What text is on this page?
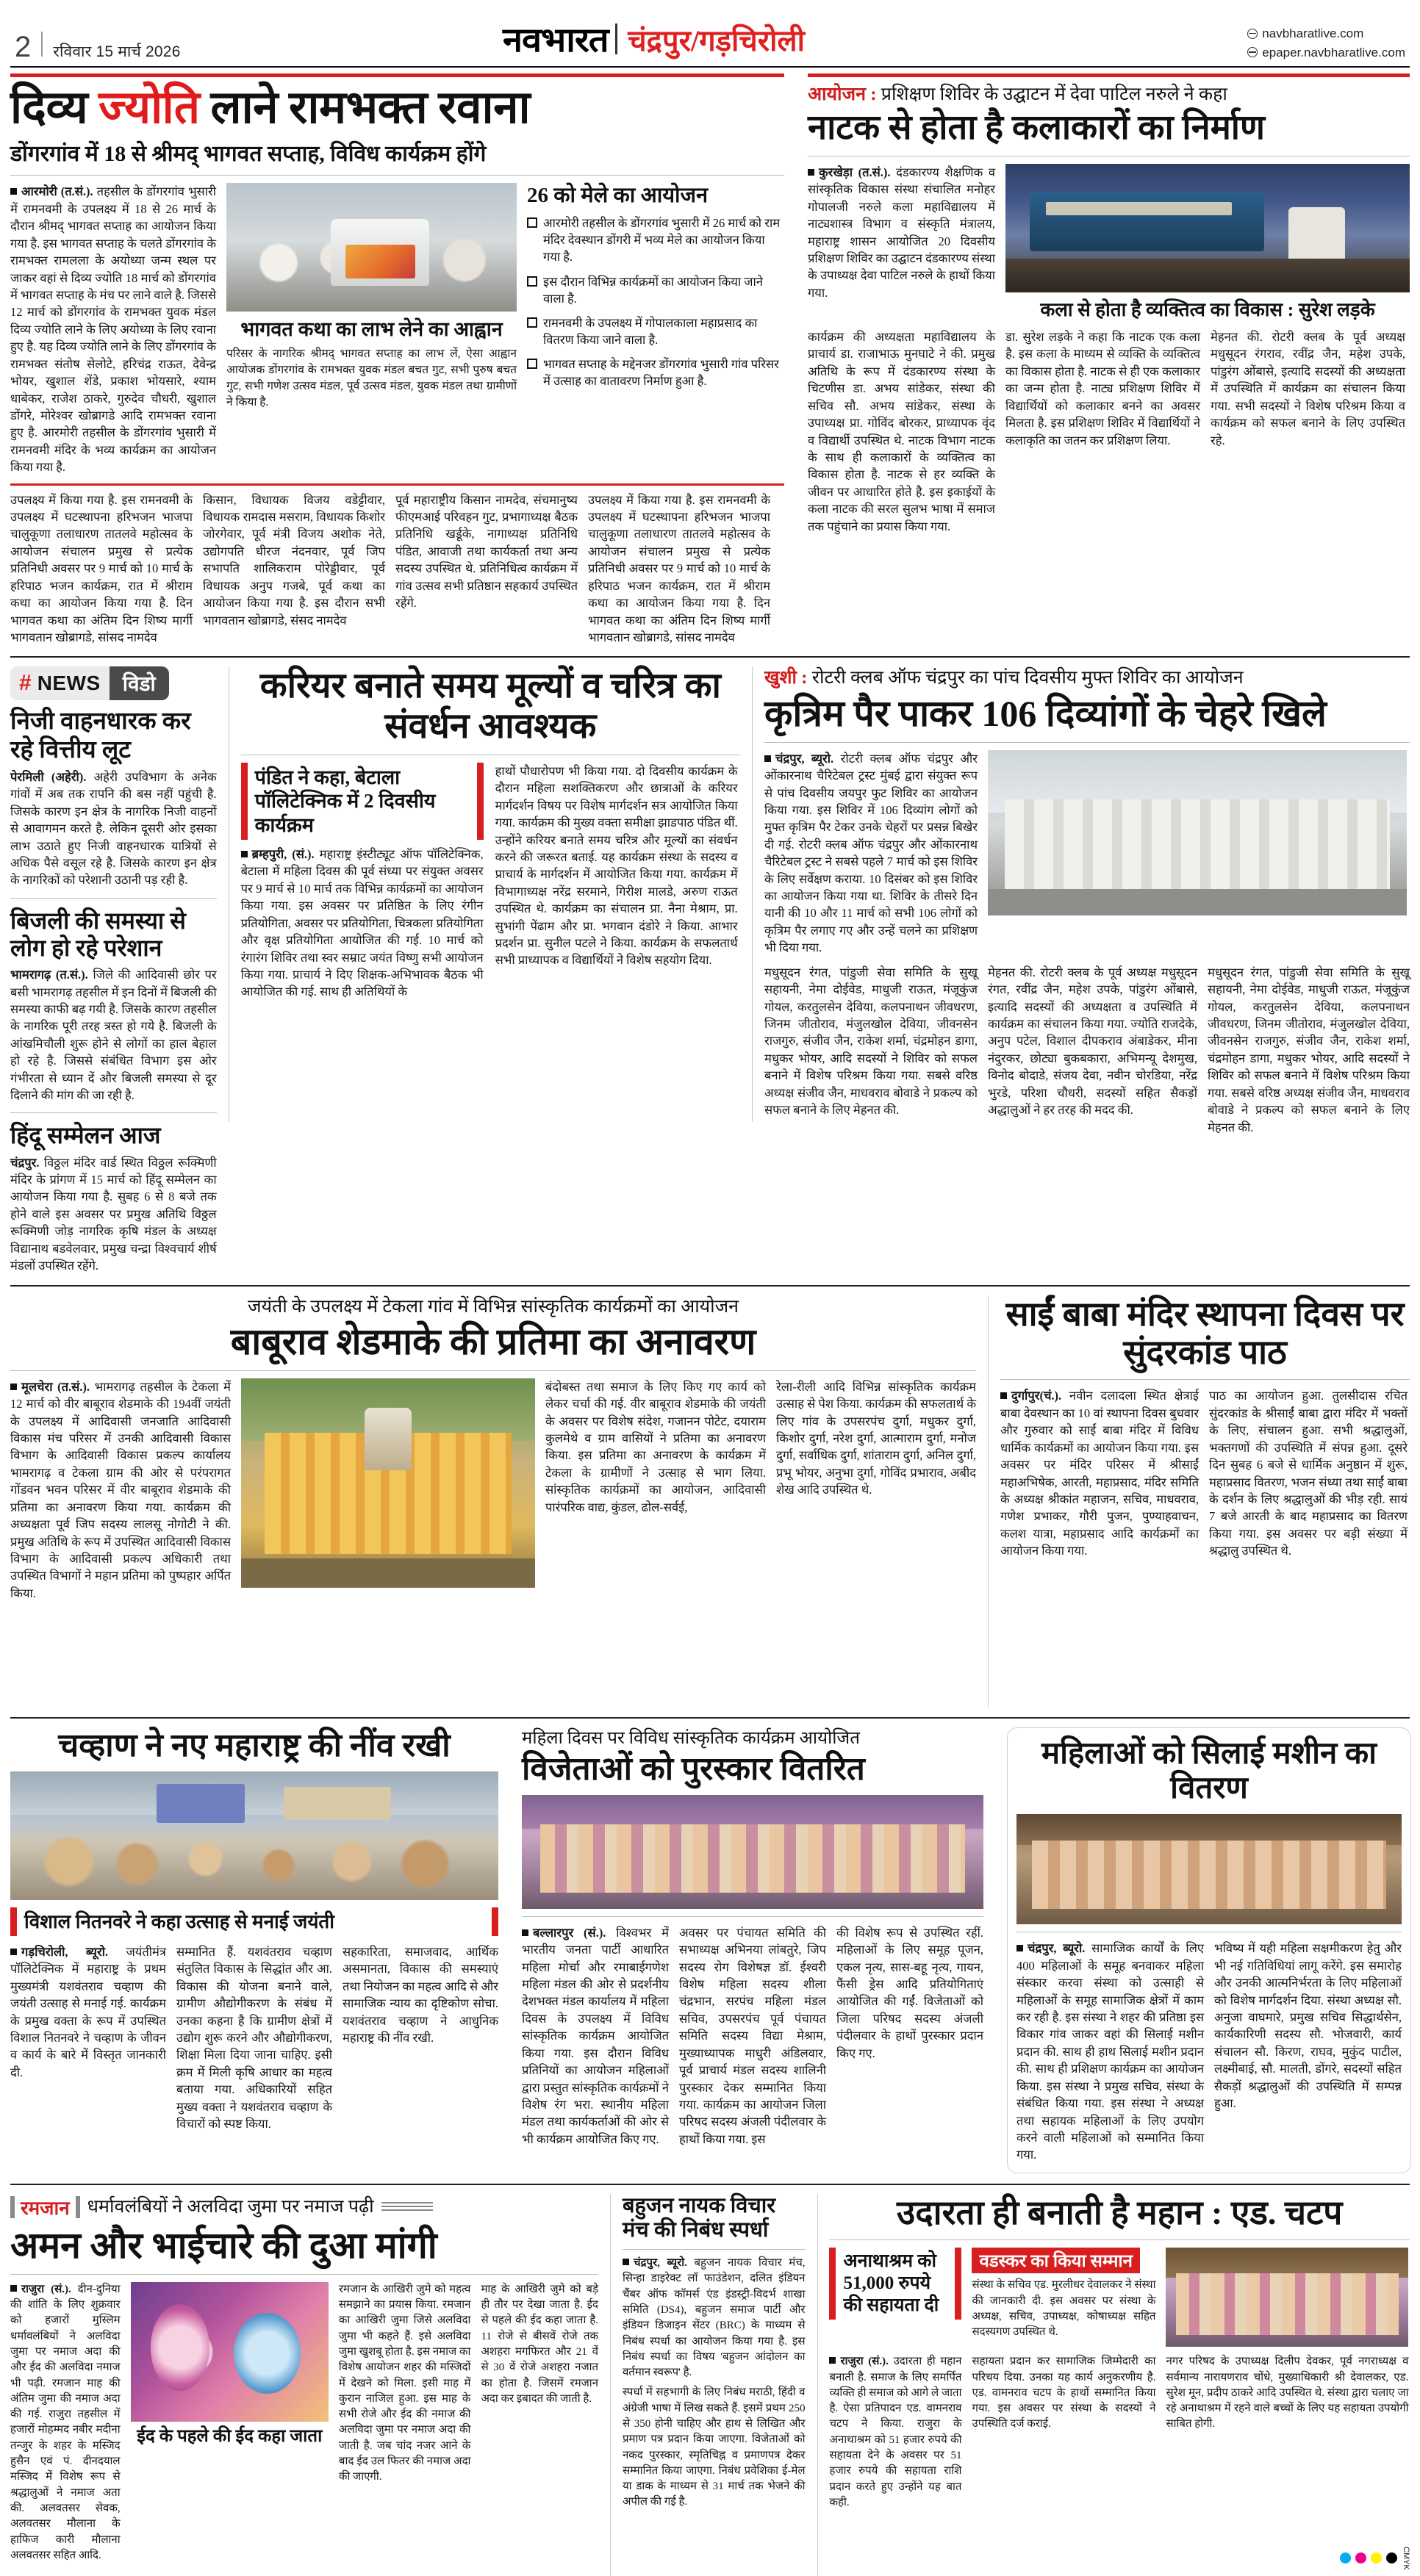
2 रविवार 15 मार्च 2026	नवभारत चंद्रपुर/गड़चिरोली	navbharatlive.com
epaper.navbharatlive.com
दिव्य ज्योति लाने रामभक्त रवाना
डोंगरगांव में 18 से श्रीमद् भागवत सप्ताह, विविध कार्यक्रम होंगे

आरमोरी (त.सं.). तहसील के डोंगरगांव भुसारी में रामनवमी के उपलक्ष्य में 18 से 26 मार्च के दौरान श्रीमद् भागवत सप्ताह का आयोजन किया गया है. इस भागवत सप्ताह के चलते डोंगरगांव के रामभक्त रामलला के अयोध्या जन्म स्थल पर जाकर वहां से दिव्य ज्योति 18 मार्च को डोंगरगांव में भागवत सप्ताह के मंच पर लाने वाले है. जिससे 12 मार्च को डोंगरगांव के रामभक्त युवक मंडल दिव्य ज्योति लाने के लिए अयोध्या के लिए रवाना हुए है. यह दिव्य ज्योति लाने के लिए डोंगरगांव के रामभक्त संतोष सेलोटे, हरिचंद्र राऊत, देवेन्द्र भोयर, खुशाल शेंडे, प्रकाश भोयसारे, श्याम धाबेकर, राजेश ठाकरे, गुरुदेव चौधरी, खुशाल डोंगरे, मोरेश्वर खोब्रागडे आदि रामभक्त रवाना हुए है. आरमोरी तहसील के डोंगरगांव भुसारी में रामनवमी मंदिर के भव्य कार्यक्रम का आयोजन किया गया है.

भागवत कथा का लाभ लेने का आह्वान

परिसर के नागरिक श्रीमद् भागवत सप्ताह का लाभ लें, ऐसा आह्वान आयोजक डोंगरगांव के रामभक्त युवक मंडल बचत गुट, सभी पुरुष बचत गुट, सभी गणेश उत्सव मंडल, पूर्व उत्सव मंडल, युवक मंडल तथा ग्रामीणों ने किया है.

26 को मेले का आयोजन
आरमोरी तहसील के डोंगरगांव भुसारी में 26 मार्च को राम मंदिर देवस्थान डोंगरी में भव्य मेले का आयोजन किया गया है.
इस दौरान विभिन्न कार्यक्रमों का आयोजन किया जाने वाला है.
रामनवमी के उपलक्ष्य में गोपालकाला महाप्रसाद का वितरण किया जाने वाला है.
भागवत सप्ताह के मद्देनजर डोंगरगांव भुसारी गांव परिसर में उत्साह का वातावरण निर्माण हुआ है.

उपलक्ष्य में किया गया है. इस रामनवमी के उपलक्ष्य में घटस्थापना हरिभजन भाजपा चालुकूणा तलाधारण तातलवे महोत्सव के आयोजन संचालन प्रमुख से प्रत्येक प्रतिनिधी अवसर पर 9 मार्च को 10 मार्च के हरिपाठ भजन कार्यक्रम, रात में श्रीराम कथा का आयोजन किया गया है. दिन भागवत कथा का अंतिम दिन शिष्य मार्गी भागवतान खोब्रागडे, सांसद नामदेव

किसान, विधायक विजय वडेट्टीवार, विधायक रामदास मसराम, विधायक किशोर जोरगेवार, पूर्व मंत्री विजय अशोक नेते, उद्योगपति धीरज नंदनवार, पूर्व जिप सभापति शालिकराम पोरेड्डीवार, पूर्व विधायक अनुप गजबे, पूर्व कथा का आयोजन किया गया है. इस दौरान सभी भागवतान खोब्रागडे, संसद नामदेव

पूर्व महाराष्ट्रीय किसान नामदेव, संचमानुष्य फीएमआई परिवहन गुट, प्रभागाध्यक्ष बैठक प्रतिनिधि खर्डूके, नागाध्यक्ष प्रतिनिधि पंडित, आवाजी तथा कार्यकर्ता तथा अन्य सदस्य उपस्थित थे. प्रतिनिधित्व कार्यक्रम में गांव उत्सव सभी प्रतिष्ठान सहकार्य उपस्थित रहेंगे.

उपलक्ष्य में किया गया है. इस रामनवमी के उपलक्ष्य में घटस्थापना हरिभजन भाजपा चालुकूणा तलाधारण तातलवे महोत्सव के आयोजन संचालन प्रमुख से प्रत्येक प्रतिनिधी अवसर पर 9 मार्च को 10 मार्च के हरिपाठ भजन कार्यक्रम, रात में श्रीराम कथा का आयोजन किया गया है. दिन भागवत कथा का अंतिम दिन शिष्य मार्गी भागवतान खोब्रागडे, सांसद नामदेव

आयोजन : प्रशिक्षण शिविर के उद्घाटन में देवा पाटिल नरुले ने कहा
नाटक से होता है कलाकारों का निर्माण

कुरखेड़ा (त.सं.). दंडकारण्य शैक्षणिक व सांस्कृतिक विकास संस्था संचालित मनोहर गोपालजी नरुले कला महाविद्यालय में नाट्यशास्त्र विभाग व संस्कृति मंत्रालय, महाराष्ट्र शासन आयोजित 20 दिवसीय प्रशिक्षण शिविर का उद्घाटन दंडकारण्य संस्था के उपाध्यक्ष देवा पाटिल नरुले के हाथों किया गया.

कला से होता है व्यक्तित्व का विकास : सुरेश लड़के

कार्यक्रम की अध्यक्षता महाविद्यालय के प्राचार्य डा. राजाभाऊ मुनघाटे ने की. प्रमुख अतिथि के रूप में दंडकारण्य संस्था के चिटणीस डा. अभय सांडेकर, संस्था की सचिव सौ. अभय सांडेकर, संस्था के उपाध्यक्ष प्रा. गोविंद बोरकर, प्राध्यापक वृंद व विद्यार्थी उपस्थित थे. नाटक विभाग नाटक के साथ ही कलाकारों के व्यक्तित्व का विकास होता है. नाटक से हर व्यक्ति के जीवन पर आधारित होते है. इस इकाईयों के कला नाटक की सरल सुलभ भाषा में समाज तक पहुंचाने का प्रयास किया गया.

डा. सुरेश लड़के ने कहा कि नाटक एक कला है. इस कला के माध्यम से व्यक्ति के व्यक्तित्व का विकास होता है. नाटक से ही एक कलाकार का जन्म होता है. नाट्य प्रशिक्षण शिविर में विद्यार्थियों को कलाकार बनने का अवसर मिलता है. इस प्रशिक्षण शिविर में विद्यार्थियों ने कलाकृति का जतन कर प्रशिक्षण लिया.

मेहनत की. रोटरी क्लब के पूर्व अध्यक्ष मधुसूदन रंगराव, रवींद्र जैन, महेश उपके, पांडुरंग ओंबासे, इत्यादि सदस्यों की अध्यक्षता में उपस्थिति में कार्यक्रम का संचालन किया गया. सभी सदस्यों ने विशेष परिश्रम किया व कार्यक्रम को सफल बनाने के लिए उपस्थित रहे.

# NEWS	विडो
निजी वाहनधारक कर रहे वित्तीय लूट

पेरमिली (अहेरी). अहेरी उपविभाग के अनेक गांवों में अब तक रापनि की बस नहीं पहुंची है. जिसके कारण इन क्षेत्र के नागरिक निजी वाहनों से आवागमन करते है. लेकिन दूसरी ओर इसका लाभ उठाते हुए निजी वाहनधारक यात्रियों से अधिक पैसे वसूल रहे है. जिसके कारण इन क्षेत्र के नागरिकों को परेशानी उठानी पड़ रही है.

बिजली की समस्या से लोग हो रहे परेशान

भामरागढ़ (त.सं.). जिले की आदिवासी छोर पर बसी भामरागढ़ तहसील में इन दिनों में बिजली की समस्या काफी बढ़ गयी है. जिसके कारण तहसील के नागरिक पूरी तरह त्रस्त हो गये है. बिजली के आंखमिचौली शुरू होने से लोगों का हाल बेहाल हो रहे है. जिससे संबंधित विभाग इस ओर गंभीरता से ध्यान दें और बिजली समस्या से दूर दिलाने की मांग की जा रही है.

हिंदू सम्मेलन आज

चंद्रपुर. विठ्ठल मंदिर वार्ड स्थित विठ्ठल रूक्मिणी मंदिर के प्रांगण में 15 मार्च को हिंदू सम्मेलन का आयोजन किया गया है. सुबह 6 से 8 बजे तक होने वाले इस अवसर पर प्रमुख अतिथि विठ्ठल रूक्मिणी जोड़ नागरिक कृषि मंडल के अध्यक्ष विद्यानाथ बडवेलवार, प्रमुख चन्द्रा विश्वचार्य शीर्ष मंडलों उपस्थित रहेंगे.

करियर बनाते समय मूल्यों व चरित्र का संवर्धन आवश्यक
पंडित ने कहा, बेटाला पॉलिटेक्निक में 2 दिवसीय कार्यक्रम

ब्रम्हपुरी, (सं.). महाराष्ट्र इंस्टीट्यूट ऑफ पॉलिटेक्निक, बेटाला में महिला दिवस की पूर्व संध्या पर संयुक्त अवसर पर 9 मार्च से 10 मार्च तक विभिन्न कार्यक्रमों का आयोजन किया गया. इस अवसर पर प्रतिष्ठित के लिए रंगीन प्रतियोगिता, अवसर पर प्रतियोगिता, चित्रकला प्रतियोगिता और वृक्ष प्रतियोगिता आयोजित की गई. 10 मार्च को रंगारंग शिविर तथा स्वर सम्राट जयंत विष्णु सभी आयोजन किया गया. प्राचार्य ने दिए शिक्षक-अभिभावक बैठक भी आयोजित की गई. साथ ही अतिथियों के

हाथों पौधारोपण भी किया गया. दो दिवसीय कार्यक्रम के दौरान महिला सशक्तिकरण और छात्राओं के करियर मार्गदर्शन विषय पर विशेष मार्गदर्शन सत्र आयोजित किया गया. कार्यक्रम की मुख्य वक्ता समीक्षा झाडपाठ पंडित थीं. उन्होंने करियर बनाते समय चरित्र और मूल्यों का संवर्धन करने की जरूरत बताई. यह कार्यक्रम संस्था के सदस्य व प्राचार्य के मार्गदर्शन में आयोजित किया गया. कार्यक्रम में विभागाध्यक्ष नरेंद्र सरमाने, गिरीश मालडे, अरुण राऊत उपस्थित थे. कार्यक्रम का संचालन प्रा. नैना मेश्राम, प्रा. सुभांगी पेंढाम और प्रा. भगवान दंडोरे ने किया. आभार प्रदर्शन प्रा. सुनील पटले ने किया. कार्यक्रम के सफलतार्थ सभी प्राध्यापक व विद्यार्थियों ने विशेष सहयोग दिया.

खुशी : रोटरी क्लब ऑफ चंद्रपुर का पांच दिवसीय मुफ्त शिविर का आयोजन
कृत्रिम पैर पाकर 106 दिव्यांगों के चेहरे खिले

चंद्रपुर, ब्यूरो. रोटरी क्लब ऑफ चंद्रपुर और ओंकारनाथ चैरिटेबल ट्रस्ट मुंबई द्वारा संयुक्त रूप से पांच दिवसीय जयपुर फुट शिविर का आयोजन किया गया. इस शिविर में 106 दिव्यांग लोगों को मुफ्त कृत्रिम पैर टेकर उनके चेहरों पर प्रसन्न बिखेर दी गई. रोटरी क्लब ऑफ चंद्रपुर और ओंकारनाथ चैरिटेबल ट्रस्ट ने सबसे पहले 7 मार्च को इस शिविर के लिए सर्वेक्षण कराया. 10 दिसंबर को इस शिविर का आयोजन किया गया था. शिविर के तीसरे दिन यानी की 10 और 11 मार्च को सभी 106 लोगों को कृत्रिम पैर लगाए गए और उन्हें चलने का प्रशिक्षण भी दिया गया.

मधुसूदन रंगत, पांडुजी सेवा समिति के सुखू सहायनी, नेमा दोईवेड, माधुजी राऊत, मंजूकुंज गोयल, करतुलसेन देविया, कलपनाथन जीवधरण, जिनम जीतोराव, मंजुलखोल देविया, जीवनसेन राजगुरु, संजीव जैन, राकेश शर्मा, चंद्रमोहन डागा, मधुकर भोयर, आदि सदस्यों ने शिविर को सफल बनाने में विशेष परिश्रम किया गया. सबसे वरिष्ठ अध्यक्ष संजीव जैन, माधवराव बोवाडे ने प्रकल्प को सफल बनाने के लिए मेहनत की.

मेहनत की. रोटरी क्लब के पूर्व अध्यक्ष मधुसूदन रंगत, रवींद्र जैन, महेश उपके, पांडुरंग ओंबासे, इत्यादि सदस्यों की अध्यक्षता व उपस्थिति में कार्यक्रम का संचालन किया गया. ज्योति राजदेके, अनुप पटेल, विशाल दीपकराव अंबाडेकर, मीना नंदुरकर, छोट्या बुकबकारा, अभिमन्यू देशमुख, विनोद बोदाडे, संजय देवा, नवीन चोरडिया, नरेंद्र भुरडे, परिशा चौधरी, सदस्यों सहित सैकड़ों अद्धालुओं ने हर तरह की मदद की.

मधुसूदन रंगत, पांडुजी सेवा समिति के सुखू सहायनी, नेमा दोईवेड, माधुजी राऊत, मंजूकुंज गोयल, करतुलसेन देविया, कलपनाथन जीवधरण, जिनम जीतोराव, मंजुलखोल देविया, जीवनसेन राजगुरु, संजीव जैन, राकेश शर्मा, चंद्रमोहन डागा, मधुकर भोयर, आदि सदस्यों ने शिविर को सफल बनाने में विशेष परिश्रम किया गया. सबसे वरिष्ठ अध्यक्ष संजीव जैन, माधवराव बोवाडे ने प्रकल्प को सफल बनाने के लिए मेहनत की.

जयंती के उपलक्ष्य में टेकला गांव में विभिन्न सांस्कृतिक कार्यक्रमों का आयोजन
बाबूराव शेडमाके की प्रतिमा का अनावरण

मूलचेरा (त.सं.). भामरागढ़ तहसील के टेकला में 12 मार्च को वीर बाबूराव शेडमाके की 194वीं जयंती के उपलक्ष्य में आदिवासी जनजाति आदिवासी विकास मंच परिसर में उनकी आदिवासी विकास विभाग के आदिवासी विकास प्रकल्प कार्यालय भामरागढ़ व टेकला ग्राम की ओर से परंपरागत गोंडवन भवन परिसर में वीर बाबूराव शेडमाके की प्रतिमा का अनावरण किया गया. कार्यक्रम की अध्यक्षता पूर्व जिप सदस्य लालसू नोगोटी ने की. प्रमुख अतिथि के रूप में उपस्थित आदिवासी विकास विभाग के आदिवासी प्रकल्प अधिकारी तथा उपस्थित विभागों ने महान प्रतिमा को पुष्पहार अर्पित किया.

बंदोबस्त तथा समाज के लिए किए गए कार्य को लेकर चर्चा की गई. वीर बाबूराव शेडमाके की जयंती के अवसर पर विशेष संदेश, गजानन पोटेट, दयाराम कुलमेथे व ग्राम वासियों ने प्रतिमा का अनावरण किया. इस प्रतिमा का अनावरण के कार्यक्रम में टेकला के ग्रामीणों ने उत्साह से भाग लिया. सांस्कृतिक कार्यक्रमों का आयोजन, आदिवासी पारंपरिक वाद्य, कुंडल, ढोल-सर्वई,

रेला-रीली आदि विभिन्न सांस्कृतिक कार्यक्रम उत्साह से पेश किया. कार्यक्रम की सफलतार्थ के लिए गांव के उपसरपंच दुर्गा, मधुकर दुर्गा, किशोर दुर्गा, नरेश दुर्गा, आत्माराम दुर्गा, मनोज दुर्गा, सर्वाधिक दुर्गा, शांताराम दुर्गा, अनिल दुर्गा, प्रभू भोयर, अनुभा दुर्गा, गोविंद प्रभाराव, अबीद शेख आदि उपस्थित थे.

साईं बाबा मंदिर स्थापना दिवस पर सुंदरकांड पाठ

दुर्गापुर(चं.). नवीन दलादला स्थित क्षेत्राई बाबा देवस्थान का 10 वां स्थापना दिवस बुधवार और गुरुवार को साईं बाबा मंदिर में विविध धार्मिक कार्यक्रमों का आयोजन किया गया. इस अवसर पर मंदिर परिसर में श्रीसाईं महाअभिषेक, आरती, महाप्रसाद, मंदिर समिति के अध्यक्ष श्रीकांत महाजन, सचिव, माधवराव, गणेश प्रभाकर, गौरी पुजन, पुण्याहवाचन, कलश यात्रा, महाप्रसाद आदि कार्यक्रमों का आयोजन किया गया.

पाठ का आयोजन हुआ. तुलसीदास रचित सुंदरकांड के श्रीसाईं बाबा द्वारा मंदिर में भक्तों के लिए, संचालन हुआ. सभी श्रद्धालुओं, भक्तगणों की उपस्थिति में संपन्न हुआ. दूसरे दिन सुबह 6 बजे से धार्मिक अनुष्ठान में शुरू, महाप्रसाद वितरण, भजन संध्या तथा साईं बाबा के दर्शन के लिए श्रद्धालुओं की भीड़ रही. सायं 7 बजे आरती के बाद महाप्रसाद का वितरण किया गया. इस अवसर पर बड़ी संख्या में श्रद्धालु उपस्थित थे.

चव्हाण ने नए महाराष्ट्र की नींव रखी
विशाल नितनवरे ने कहा उत्साह से मनाई जयंती

गड़चिरोली, ब्यूरो. जयंतीमंत्र पॉलिटेक्निक में महाराष्ट्र के प्रथम मुख्यमंत्री यशवंतराव चव्हाण की जयंती उत्साह से मनाई गई. कार्यक्रम के प्रमुख वक्ता के रूप में उपस्थित विशाल नितनवरे ने चव्हाण के जीवन व कार्य के बारे में विस्तृत जानकारी दी.

सम्मानित हैं. यशवंतराव चव्हाण संतुलित विकास के सिद्धांत और आ. विकास की योजना बनाने वाले, ग्रामीण औद्योगीकरण के संबंध में उनका कहना है कि ग्रामीण क्षेत्रों में उद्योग शुरू करने और औद्योगीकरण, शिक्षा मिला दिया जाना चाहिए. इसी क्रम में मिली कृषि आधार का महत्व बताया गया. अधिकारियों सहित मुख्य वक्ता ने यशवंतराव चव्हाण के विचारों को स्पष्ट किया.

सहकारिता, समाजवाद, आर्थिक असमानता, विकास की समस्याएं तथा नियोजन का महत्व आदि से और सामाजिक न्याय का दृष्टिकोण सोचा. यशवंतराव चव्हाण ने आधुनिक महाराष्ट्र की नींव रखी.

महिला दिवस पर विविध सांस्कृतिक कार्यक्रम आयोजित
विजेताओं को पुरस्कार वितरित

बल्लारपुर (सं.). विश्वभर में भारतीय जनता पार्टी आधारित महिला मोर्चा और रमाबाईगणेश महिला मंडल की ओर से प्रदर्शनीय देशभक्त मंडल कार्यालय में महिला दिवस के उपलक्ष्य में विविध सांस्कृतिक कार्यक्रम आयोजित किया गया. इस दौरान विविध प्रतिनियों का आयोजन महिलाओं द्वारा प्रस्तुत सांस्कृतिक कार्यक्रमों ने विशेष रंग भरा. स्थानीय महिला मंडल तथा कार्यकर्ताओं की ओर से भी कार्यक्रम आयोजित किए गए.

अवसर पर पंचायत समिति की सभाध्यक्ष अभिनया लांबतुरे, जिप सदस्य रोग विशेषज्ञ डॉ. ईश्वरी विशेष महिला सदस्य शीला चंद्रभान, सरपंच महिला मंडल सचिव, उपसरपंच पूर्व पंचायत समिति सदस्य विद्या मेश्राम, मुख्याध्यापक माधुरी अंडिलवार, पूर्व प्राचार्य मंडल सदस्य शालिनी पुरस्कार देकर सम्मानित किया गया. कार्यक्रम का आयोजन जिला परिषद सदस्य अंजली पंदीलवार के हाथों किया गया. इस

की विशेष रूप से उपस्थित रहीं. महिलाओं के लिए समूह पूजन, एकल नृत्य, सास-बहू नृत्य, गायन, फैंसी ड्रेस आदि प्रतियोगिताएं आयोजित की गईं. विजेताओं को जिला परिषद सदस्य अंजली पंदीलवार के हाथों पुरस्कार प्रदान किए गए.

महिलाओं को सिलाई मशीन का वितरण

चंद्रपुर, ब्यूरो. सामाजिक कार्यों के लिए 400 महिलाओं के समूह बनवाकर महिला संस्कार करवा संस्था को उत्साही से महिलाओं के समूह सामाजिक क्षेत्रों में काम कर रही है. इस संस्था ने शहर की प्रतिष्ठा इस विकार गांव जाकर वहां की सिलाई मशीन प्रदान की. साथ ही हाथ सिलाई मशीन प्रदान की. साथ ही प्रशिक्षण कार्यक्रम का आयोजन किया. इस संस्था ने प्रमुख सचिव, संस्था के संबंधित किया गया. इस संस्था ने अध्यक्ष तथा सहायक महिलाओं के लिए उपयोग करने वाली महिलाओं को सम्मानित किया गया.

भविष्य में यही महिला सक्षमीकरण हेतु और भी नई गतिविधियां लागू करेंगे. इस समारोह और उनकी आत्मनिर्भरता के लिए महिलाओं को विशेष मार्गदर्शन दिया. संस्था अध्यक्ष सौ. अनुजा वाघमारे, प्रमुख सचिव सिद्धार्थसेन, कार्यकारिणी सदस्य सौ. भोजवारी, कार्य संचालन सौ. किरण, राघव, मुकुंद पाटील, लक्ष्मीबाई, सौ. मालती, डोंगरे, सदस्यों सहित सैकड़ों श्रद्धालुओं की उपस्थिति में सम्पन्न हुआ.

रमजान धर्मावलंबियों ने अलविदा जुमा पर नमाज पढ़ी
अमन और भाईचारे की दुआ मांगी

राजुरा (सं.). दीन-दुनिया की शांति के लिए शुक्रवार को हजारों मुस्लिम धर्मावलंबियों ने अलविदा जुमा पर नमाज अदा की और ईद की अलविदा नमाज भी पढ़ी. रमजान माह की अंतिम जुमा की नमाज अदा की गई. राजुरा तहसील में हजारों मोहम्मद नबीर मदीना तन्जुर के शहर के मस्जिद हुसैन एवं पं. दीनदयाल मस्जिद में विशेष रूप से श्रद्धालुओं ने नमाज अता की. अलवतसर सेवक, अलवतसर मौलाना के हाफिज कारी मौलाना अलवतसर सहित आदि.

ईद के पहले की ईद कहा जाता

रमजान के आखिरी जुमे को महत्व समझाने का प्रयास किया. रमजान का आखिरी जुमा जिसे अलविदा जुमा भी कहते हैं. इसे अलविदा जुमा खुशबू होता है. इस नमाज का विशेष आयोजन शहर की मस्जिदों में देखने को मिला. इसी माह में कुरान नाजिल हुआ. इस माह के सभी रोजे और ईद की नमाज की अलविदा जुमा पर नमाज अदा की जाती है. जब चांद नजर आने के बाद ईद उल फितर की नमाज अदा की जाएगी.

माह के आखिरी जुमे को बड़े ही तौर पर देखा जाता है. ईद से पहले की ईद कहा जाता है. 11 रोजे से बीसवें रोजे तक अशहरा मगफिरत और 21 वें से 30 वें रोजे अशहरा नजात का होता है. जिसमें रमजान अदा कर इबादत की जाती है.

बहुजन नायक विचार मंच की निबंध स्पर्धा

चंद्रपुर, ब्यूरो. बहुजन नायक विचार मंच, सिन्हा डाइरेक्ट लॉ फाउंडेशन, दलित इंडियन चैंबर ऑफ कॉमर्स एंड इंडस्ट्री-विदर्भ शाखा समिति (DS4), बहुजन समाज पार्टी और इंडियन डिजाइन सेंटर (BRC) के माध्यम से निबंध स्पर्धा का आयोजन किया गया है. इस निबंध स्पर्धा का विषय 'बहुजन आंदोलन का वर्तमान स्वरूप' है.

स्पर्धा में सहभागी के लिए निबंध मराठी, हिंदी व अंग्रेजी भाषा में लिख सकते हैं. इसमें प्रथम 250 से 350 होनी चाहिए और हाथ से लिखित और प्रमाण पत्र प्रदान किया जाएगा. विजेताओं को नकद पुरस्कार, स्मृतिचिह्न व प्रमाणपत्र देकर सम्मानित किया जाएगा. निबंध प्रवेशिका ई-मेल या डाक के माध्यम से 31 मार्च तक भेजने की अपील की गई है.

उदारता ही बनाती है महान : एड. चटप
अनाथाश्रम को 51,000 रुपये की सहायता दी
वडस्कर का किया सम्मान

संस्था के सचिव एड. मुरलीधर देवालकर ने संस्था की जानकारी दी. इस अवसर पर संस्था के अध्यक्ष, सचिव, उपाध्यक्ष, कोषाध्यक्ष सहित सदस्यगण उपस्थित थे.

राजुरा (सं.). उदारता ही महान बनाती है. समाज के लिए समर्पित व्यक्ति ही समाज को आगे ले जाता है. ऐसा प्रतिपादन एड. वामनराव चटप ने किया. राजुरा के अनाथाश्रम को 51 हजार रुपये की सहायता देने के अवसर पर 51 हजार रुपये की सहायता राशि प्रदान करते हुए उन्होंने यह बात कही.

सहायता प्रदान कर सामाजिक जिम्मेदारी का परिचय दिया. उनका यह कार्य अनुकरणीय है. एड. वामनराव चटप के हाथों सम्मानित किया गया. इस अवसर पर संस्था के सदस्यों ने उपस्थिति दर्ज कराई.

नगर परिषद के उपाध्यक्ष दिलीप देवकर, पूर्व नगराध्यक्ष व सर्वमान्य नारायणराव चोंधे, मुख्याधिकारी श्री देवालकर, एड. सुरेश मून, प्रदीप ठाकरे आदि उपस्थित थे. संस्था द्वारा चलाए जा रहे अनाथाश्रम में रहने वाले बच्चों के लिए यह सहायता उपयोगी साबित होगी.

CMYK
